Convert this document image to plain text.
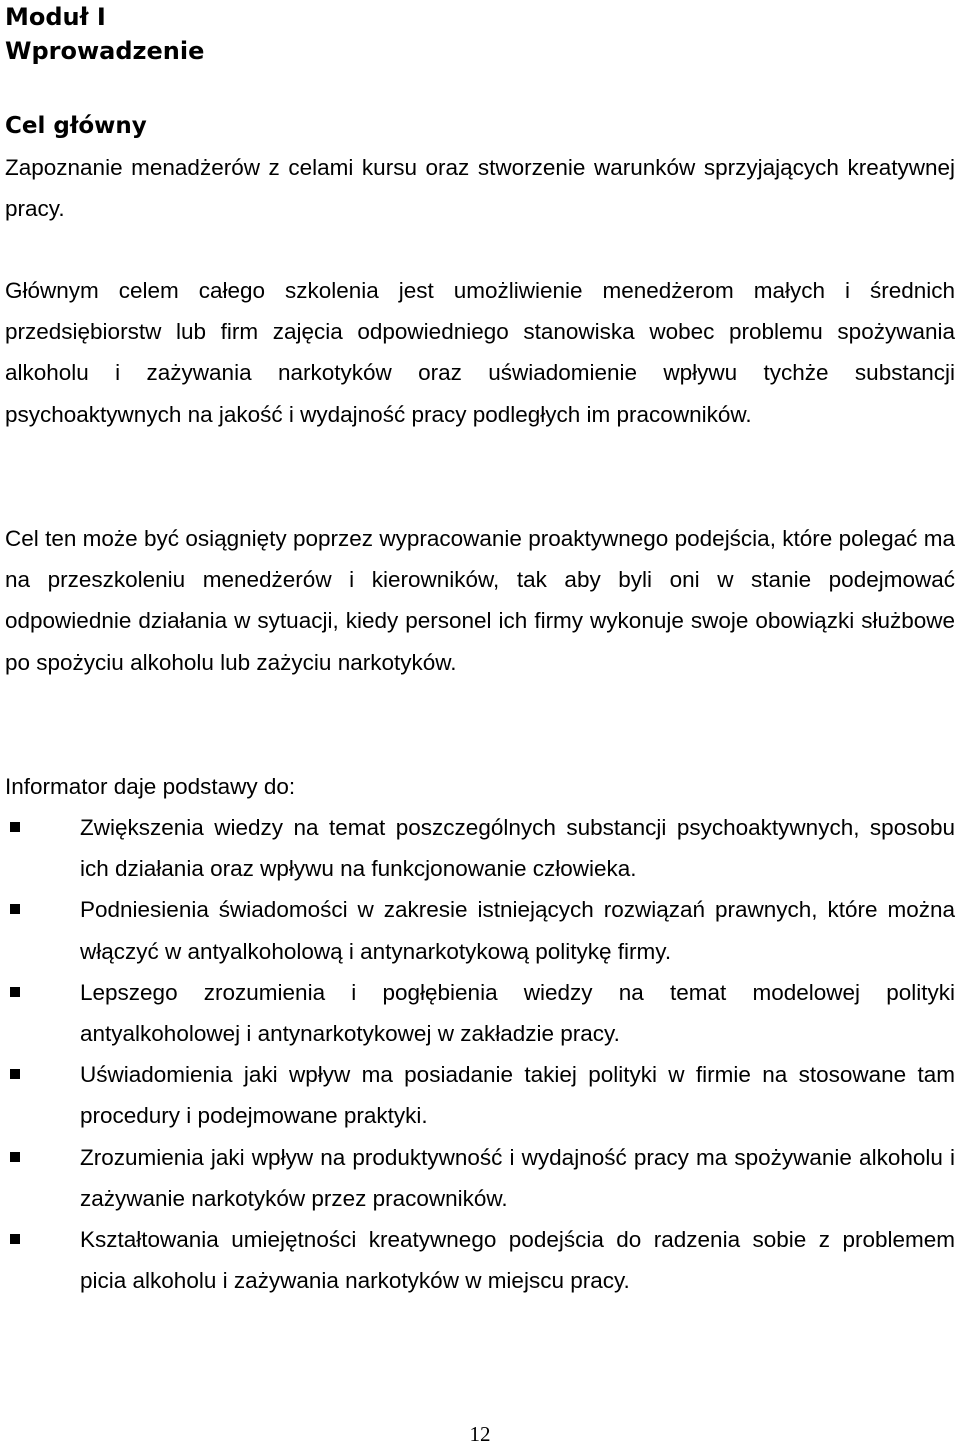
Moduł I
Wprowadzenie
Cel główny
Zapoznanie menadżerów z celami kursu oraz stworzenie warunków sprzyjających kreatywnej pracy.
Głównym celem całego szkolenia jest umożliwienie menedżerom małych i średnich przedsiębiorstw lub firm zajęcia odpowiedniego stanowiska wobec problemu spożywania alkoholu i zażywania narkotyków oraz uświadomienie wpływu tychże substancji psychoaktywnych na jakość i wydajność pracy podległych im pracowników.
Cel ten może być osiągnięty poprzez wypracowanie proaktywnego podejścia, które polegać ma na przeszkoleniu menedżerów i kierowników, tak aby byli oni w stanie podejmować odpowiednie działania w sytuacji, kiedy personel ich firmy wykonuje swoje obowiązki służbowe po spożyciu alkoholu lub zażyciu narkotyków.
Informator daje podstawy do:
Zwiększenia wiedzy na temat poszczególnych substancji psychoaktywnych, sposobu ich działania oraz wpływu na funkcjonowanie człowieka.
Podniesienia świadomości w zakresie istniejących rozwiązań prawnych, które można włączyć w antyalkoholową i antynarkotykową politykę firmy.
Lepszego zrozumienia i pogłębienia wiedzy na temat modelowej polityki antyalkoholowej i antynarkotykowej w zakładzie pracy.
Uświadomienia jaki wpływ ma posiadanie takiej polityki w firmie na stosowane tam procedury i podejmowane praktyki.
Zrozumienia jaki wpływ na produktywność i wydajność pracy ma spożywanie alkoholu i zażywanie narkotyków przez pracowników.
Kształtowania umiejętności kreatywnego podejścia do radzenia sobie z problemem picia alkoholu i zażywania narkotyków w miejscu pracy.
12
